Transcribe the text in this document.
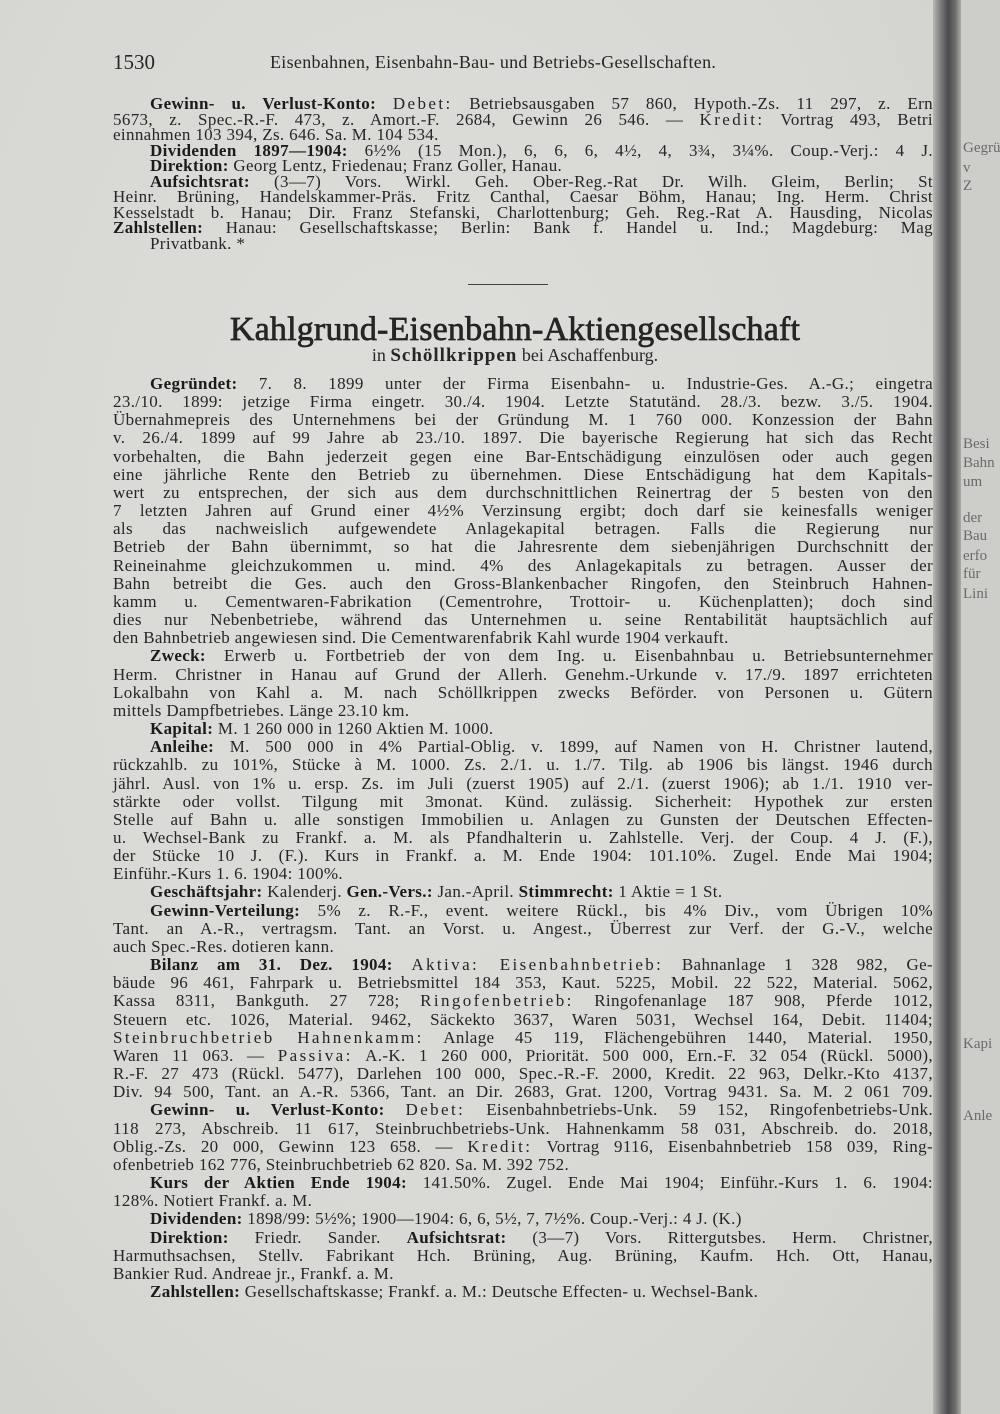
1530	Eisenbahnen, Eisenbahn-Bau- und Betriebs-Gesellschaften.
Gewinn- u. Verlust-Konto: Debet: Betriebsausgaben 57 860, Hypoth.-Zs. 11 297, z. Ern
5673, z. Spec.-R.-F. 473, z. Amort.-F. 2684, Gewinn 26 546. — Kredit: Vortrag 493, Betri
einnahmen 103 394, Zs. 646. Sa. M. 104 534.
Dividenden 1897—1904: 6½% (15 Mon.), 6, 6, 6, 4½, 4, 3¾, 3¼%. Coup.-Verj.: 4 J.
Direktion: Georg Lentz, Friedenau; Franz Goller, Hanau.
Aufsichtsrat: (3—7) Vors. Wirkl. Geh. Ober-Reg.-Rat Dr. Wilh. Gleim, Berlin; St
Heinr. Brüning, Handelskammer-Präs. Fritz Canthal, Caesar Böhm, Hanau; Ing. Herm. Christ
Kesselstadt b. Hanau; Dir. Franz Stefanski, Charlottenburg; Geh. Reg.-Rat A. Hausding, Nicolas
Zahlstellen: Hanau: Gesellschaftskasse; Berlin: Bank f. Handel u. Ind.; Magdeburg: Mag
Privatbank. *
Kahlgrund-Eisenbahn-Aktiengesellschaft
in Schöllkrippen bei Aschaffenburg.
Gegründet: 7. 8. 1899 unter der Firma Eisenbahn- u. Industrie-Ges. A.-G.; eingetra
23./10. 1899: jetzige Firma eingetr. 30./4. 1904. Letzte Statutänd. 28./3. bezw. 3./5. 1904.
Übernahmepreis des Unternehmens bei der Gründung M. 1 760 000. Konzession der Bahn
v. 26./4. 1899 auf 99 Jahre ab 23./10. 1897. Die bayerische Regierung hat sich das Recht
vorbehalten, die Bahn jederzeit gegen eine Bar-Entschädigung einzulösen oder auch gegen
eine jährliche Rente den Betrieb zu übernehmen. Diese Entschädigung hat dem Kapitals-
wert zu entsprechen, der sich aus dem durchschnittlichen Reinertrag der 5 besten von den
7 letzten Jahren auf Grund einer 4½% Verzinsung ergibt; doch darf sie keinesfalls weniger
als das nachweislich aufgewendete Anlagekapital betragen. Falls die Regierung nur
Betrieb der Bahn übernimmt, so hat die Jahresrente dem siebenjährigen Durchschnitt der
Reineinahme gleichzukommen u. mind. 4% des Anlagekapitals zu betragen. Ausser der
Bahn betreibt die Ges. auch den Gross-Blankenbacher Ringofen, den Steinbruch Hahnen-
kamm u. Cementwaren-Fabrikation (Cementrohre, Trottoir- u. Küchenplatten); doch sind
dies nur Nebenbetriebe, während das Unternehmen u. seine Rentabilität hauptsächlich auf
den Bahnbetrieb angewiesen sind. Die Cementwarenfabrik Kahl wurde 1904 verkauft.
Zweck: Erwerb u. Fortbetrieb der von dem Ing. u. Eisenbahnbau u. Betriebsunternehmer
Herm. Christner in Hanau auf Grund der Allerh. Genehm.-Urkunde v. 17./9. 1897 errichteten
Lokalbahn von Kahl a. M. nach Schöllkrippen zwecks Beförder. von Personen u. Gütern
mittels Dampfbetriebes. Länge 23.10 km.
Kapital: M. 1 260 000 in 1260 Aktien M. 1000.
Anleihe: M. 500 000 in 4% Partial-Oblig. v. 1899, auf Namen von H. Christner lautend,
rückzahlb. zu 101%, Stücke à M. 1000. Zs. 2./1. u. 1./7. Tilg. ab 1906 bis längst. 1946 durch
jährl. Ausl. von 1% u. ersp. Zs. im Juli (zuerst 1905) auf 2./1. (zuerst 1906); ab 1./1. 1910 ver-
stärkte oder vollst. Tilgung mit 3monat. Künd. zulässig. Sicherheit: Hypothek zur ersten
Stelle auf Bahn u. alle sonstigen Immobilien u. Anlagen zu Gunsten der Deutschen Effecten-
u. Wechsel-Bank zu Frankf. a. M. als Pfandhalterin u. Zahlstelle. Verj. der Coup. 4 J. (F.),
der Stücke 10 J. (F.). Kurs in Frankf. a. M. Ende 1904: 101.10%. Zugel. Ende Mai 1904;
Einführ.-Kurs 1. 6. 1904: 100%.
Geschäftsjahr: Kalenderj. Gen.-Vers.: Jan.-April. Stimmrecht: 1 Aktie = 1 St.
Gewinn-Verteilung: 5% z. R.-F., event. weitere Rückl., bis 4% Div., vom Übrigen 10%
Tant. an A.-R., vertragsm. Tant. an Vorst. u. Angest., Überrest zur Verf. der G.-V., welche
auch Spec.-Res. dotieren kann.
Bilanz am 31. Dez. 1904: Aktiva: Eisenbahnbetrieb: Bahnanlage 1 328 982, Ge-
bäude 96 461, Fahrpark u. Betriebsmittel 184 353, Kaut. 5225, Mobil. 22 522, Material. 5062,
Kassa 8311, Bankguth. 27 728; Ringofenbetrieb: Ringofenanlage 187 908, Pferde 1012,
Steuern etc. 1026, Material. 9462, Säckekto 3637, Waren 5031, Wechsel 164, Debit. 11404;
Steinbruchbetrieb Hahnenkamm: Anlage 45 119, Flächengebühren 1440, Material. 1950,
Waren 11 063. — Passiva: A.-K. 1 260 000, Priorität. 500 000, Ern.-F. 32 054 (Rückl. 5000),
R.-F. 27 473 (Rückl. 5477), Darlehen 100 000, Spec.-R.-F. 2000, Kredit. 22 963, Delkr.-Kto 4137,
Div. 94 500, Tant. an A.-R. 5366, Tant. an Dir. 2683, Grat. 1200, Vortrag 9431. Sa. M. 2 061 709.
Gewinn- u. Verlust-Konto: Debet: Eisenbahnbetriebs-Unk. 59 152, Ringofenbetriebs-Unk.
118 273, Abschreib. 11 617, Steinbruchbetriebs-Unk. Hahnenkamm 58 031, Abschreib. do. 2018,
Oblig.-Zs. 20 000, Gewinn 123 658. — Kredit: Vortrag 9116, Eisenbahnbetrieb 158 039, Ring-
ofenbetrieb 162 776, Steinbruchbetrieb 62 820. Sa. M. 392 752.
Kurs der Aktien Ende 1904: 141.50%. Zugel. Ende Mai 1904; Einführ.-Kurs 1. 6. 1904:
128%. Notiert Frankf. a. M.
Dividenden: 1898/99: 5½%; 1900—1904: 6, 6, 5½, 7, 7½%. Coup.-Verj.: 4 J. (K.)
Direktion: Friedr. Sander. Aufsichtsrat: (3—7) Vors. Rittergutsbes. Herm. Christner,
Harmuthsachsen, Stellv. Fabrikant Hch. Brüning, Aug. Brüning, Kaufm. Hch. Ott, Hanau,
Bankier Rud. Andreae jr., Frankf. a. M.
Zahlstellen: Gesellschaftskasse; Frankf. a. M.: Deutsche Effecten- u. Wechsel-Bank.
Gegrü
v
Z
Besi
Bahn
um
der
Bau
erfo
für
Lini
Kapi
Anle
